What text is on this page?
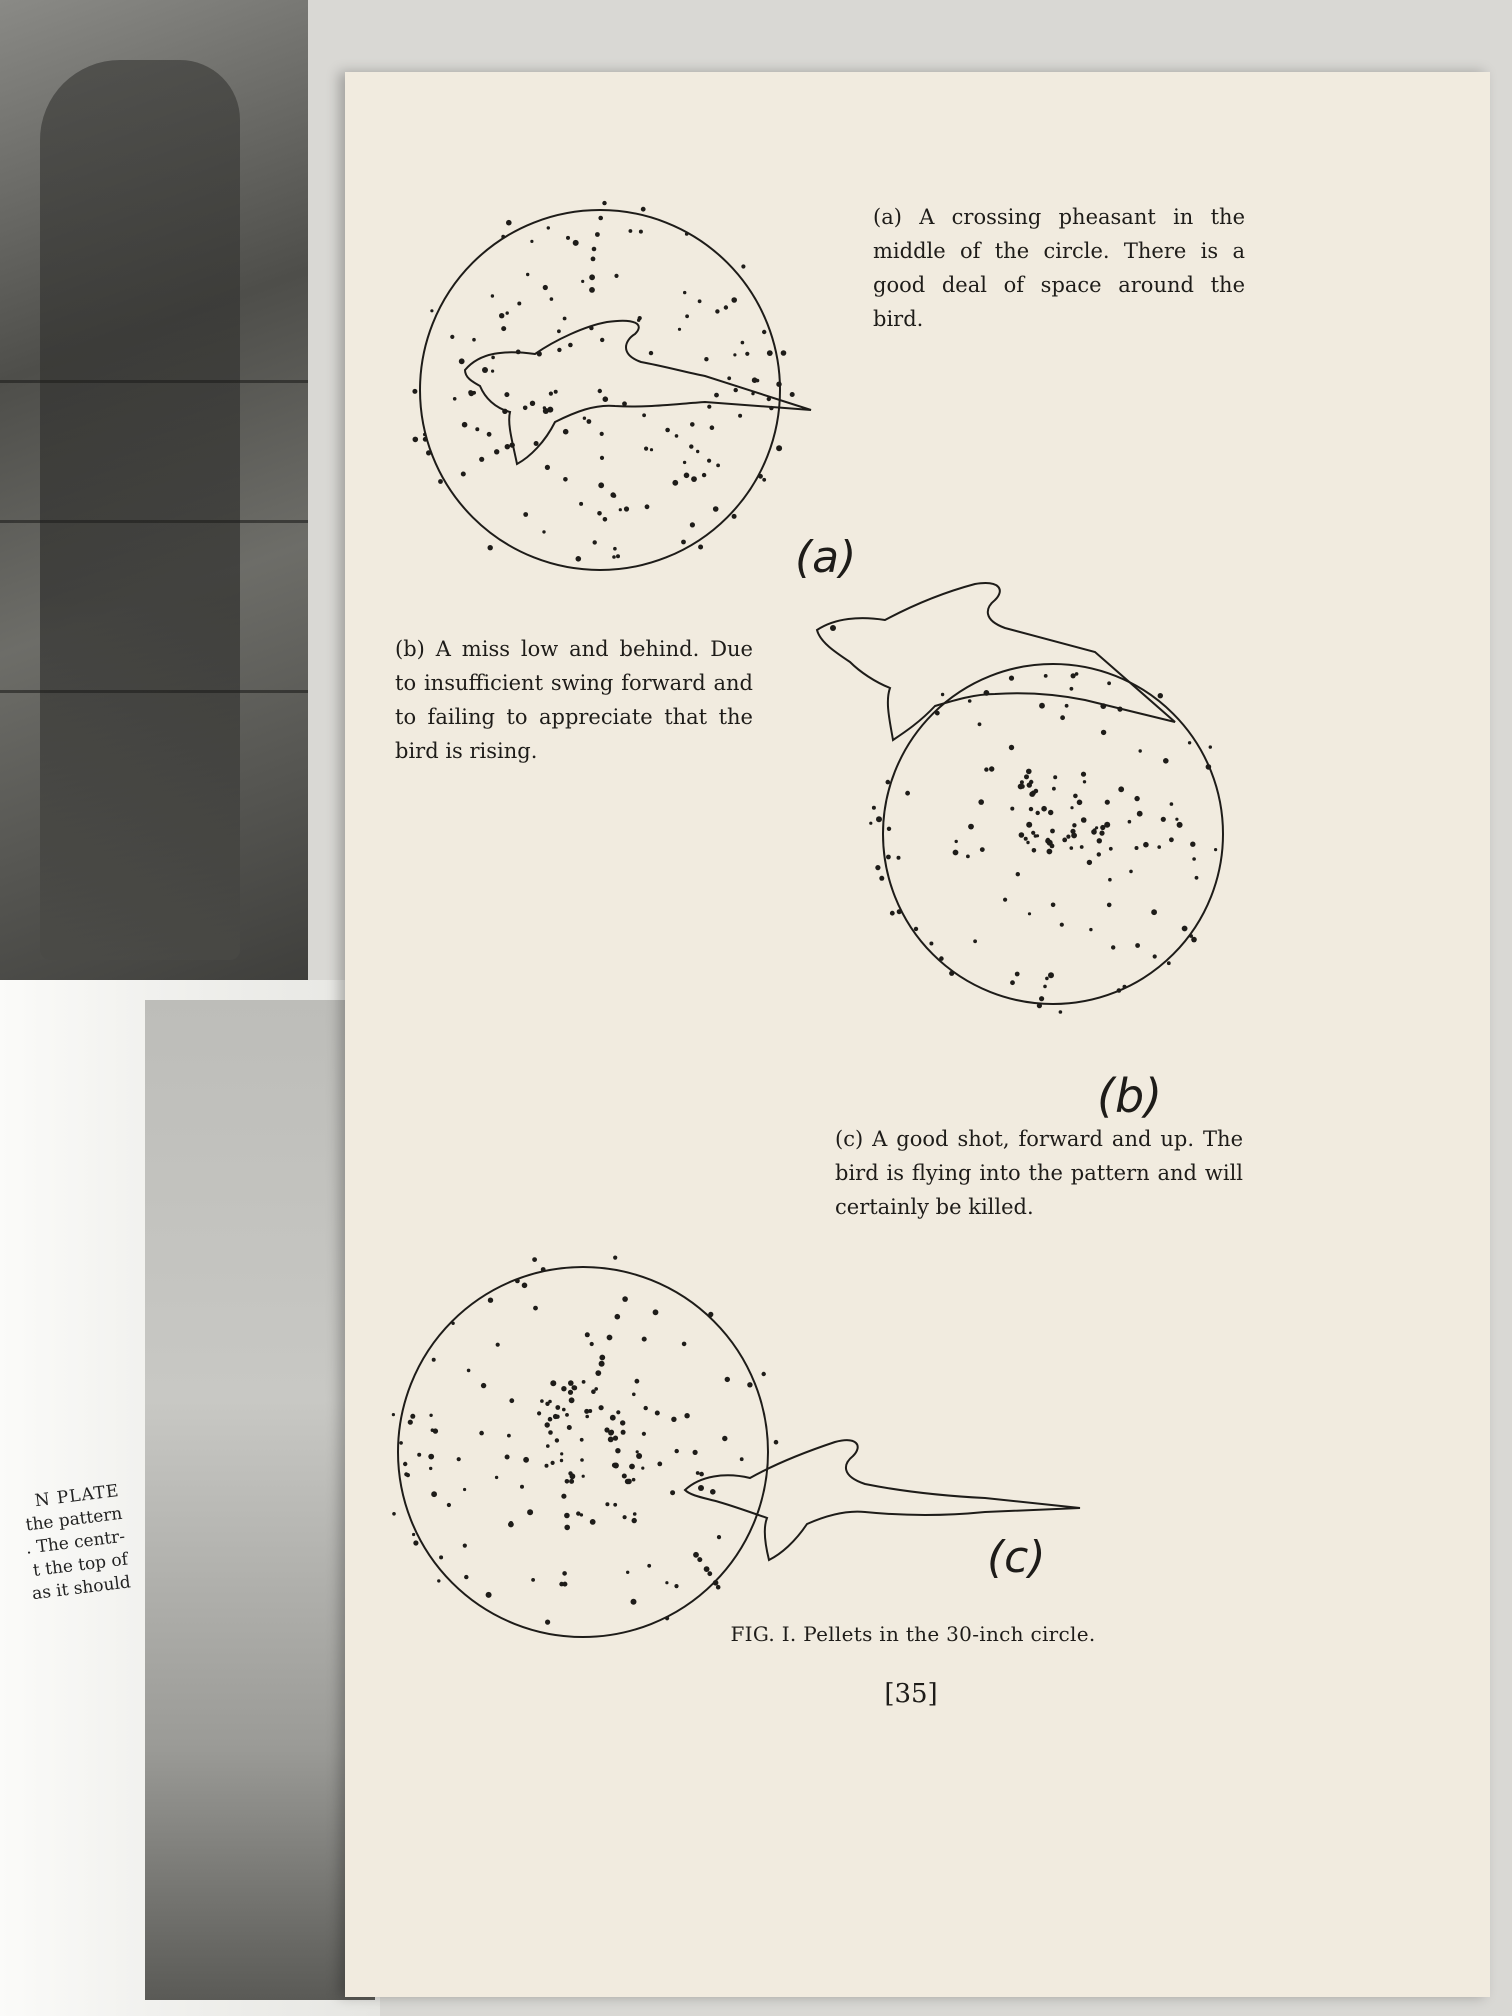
N PLATE
the pattern
. The centr-
t the top of
as it should
(a)
(b)
(c)
(a) A crossing pheasant in the middle of the circle. There is a good deal of space around the bird.
(b) A miss low and behind. Due to insufficient swing forward and to failing to appreciate that the bird is rising.
(c) A good shot, forward and up. The bird is flying into the pattern and will certainly be killed.
FIG. I. Pellets in the 30-inch circle.
[35]
